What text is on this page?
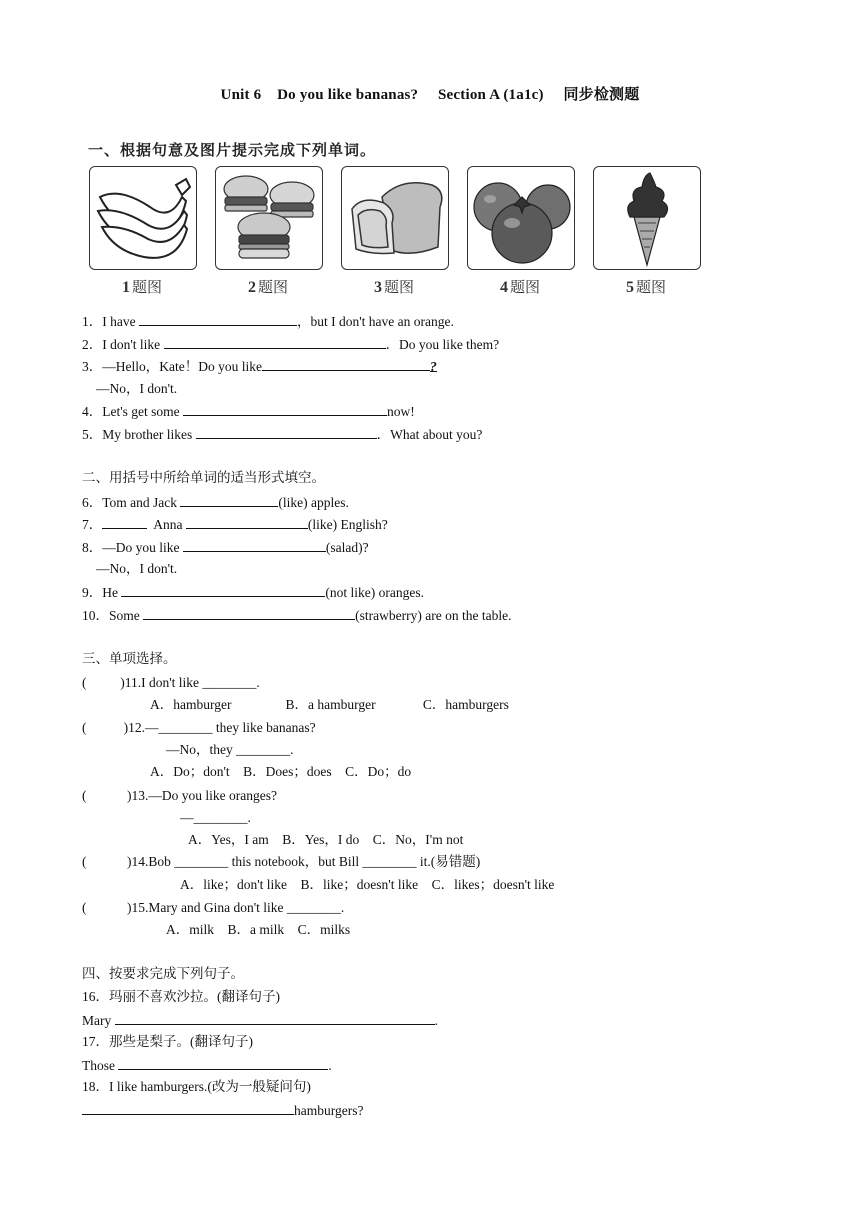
Unit 6    Do you like bananas?     Section A (1a1c)     同步检测题
一、根据句意及图片提示完成下列单词。
1 题图	2 题图	3 题图	4 题图	5 题图
1．I have	，but I don't have an orange.
2．I don't like	．Do you like them?
3．—Hello，Kate！Do you like	?
—No，I don't.
4．Let's get some	now!
5．My brother likes	．What about you?
二、用括号中所给单词的适当形式填空。
6．Tom and Jack	(like) apples.
7．	Anna	(like) English?
8．—Do you like	(salad)?
—No，I don't.
9．He	(not like) oranges.
10．Some	(strawberry) are on the table.
三、单项选择。
(          )11.I don't like ________.
A．hamburger                B．a hamburger              C．hamburgers
(           )12.—________ they like bananas?
—No，they ________.
A．Do；don't    B．Does；does    C．Do；do
(            )13.—Do you like oranges?
—________.
A．Yes，I am    B．Yes，I do    C．No，I'm not
(            )14.Bob ________ this notebook，but Bill ________ it.(易错题)
A．like；don't like    B．like；doesn't like    C．likes；doesn't like
(            )15.Mary and Gina don't like ________.
A．milk    B．a milk    C．milks
四、按要求完成下列句子。
16．玛丽不喜欢沙拉。(翻译句子)
Mary	.
17．那些是梨子。(翻译句子)
Those	.
18．I like hamburgers.(改为一般疑问句)
hamburgers?
